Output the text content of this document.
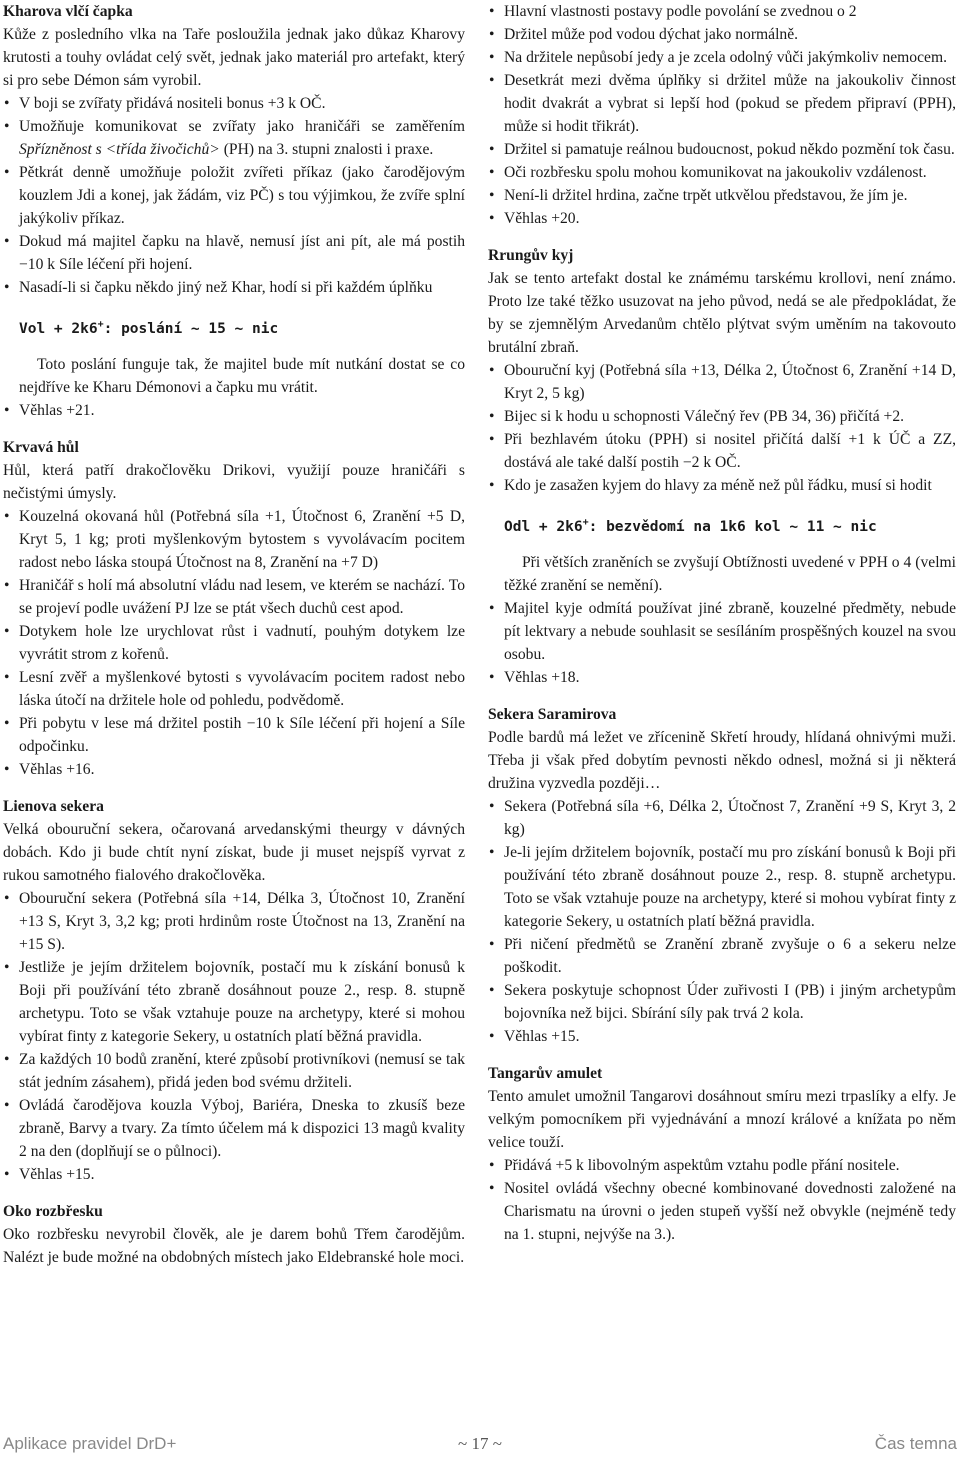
Kharova vlčí čapka

Kůže z posledního vlka na Taře posloužila jednak jako důkaz Kharovy krutosti a touhy ovládat celý svět, jednak jako materiál pro artefakt, který si pro sebe Démon sám vyrobil.

• V boji se zvířaty přidává nositeli bonus +3 k OČ.
• Umožňuje komunikovat se zvířaty jako hraničáři se zaměřením Spřízněnost s <třída živočichů> (PH) na 3. stupni znalosti i praxe.
• Pětkrát denně umožňuje položit zvířeti příkaz (jako čarodějovým kouzlem Jdi a konej, jak žádám, viz PČ) s tou výjimkou, že zvíře splní jakýkoliv příkaz.
• Dokud má majitel čapku na hlavě, nemusí jíst ani pít, ale má postih −10 k Síle léčení při hojení.
• Nasadí-li si čapku někdo jiný než Khar, hodí si při každém úplňku
Vol + 2k6+: poslání ~ 15 ~ nic

Toto poslání funguje tak, že majitel bude mít nutkání dostat se co nejdříve ke Kharu Démonovi a čapku mu vrátit.

• Věhlas +21.
Krvavá hůl

Hůl, která patří drakočlověku Drikovi, využijí pouze hraničáři s nečistými úmysly.

• Kouzelná okovaná hůl (Potřebná síla +1, Útočnost 6, Zranění +5 D, Kryt 5, 1 kg; proti myšlenkovým bytostem s vyvolávacím pocitem radost nebo láska stoupá Útočnost na 8, Zranění na +7 D)
• Hraničář s holí má absolutní vládu nad lesem, ve kterém se nachází. To se projeví podle uvážení PJ lze se ptát všech duchů cest apod.
• Dotykem hole lze urychlovat růst i vadnutí, pouhým dotykem lze vyvrátit strom z kořenů.
• Lesní zvěř a myšlenkové bytosti s vyvolávacím pocitem radost nebo láska útočí na držitele hole od pohledu, podvědomě.
• Při pobytu v lese má držitel postih −10 k Síle léčení při hojení a Síle odpočinku.
• Věhlas +16.
Lienova sekera

Velká obouruční sekera, očarovaná arvedanskými theurgy v dávných dobách. Kdo ji bude chtít nyní získat, bude ji muset nejspíš vyrvat z rukou samotného fialového drakočlověka.

• Obouruční sekera (Potřebná síla +14, Délka 3, Útočnost 10, Zranění +13 S, Kryt 3, 3,2 kg; proti hrdinům roste Útočnost na 13, Zranění na +15 S).
• Jestliže je jejím držitelem bojovník, postačí mu k získání bonusů k Boji při používání této zbraně dosáhnout pouze 2., resp. 8. stupně archetypu. Toto se však vztahuje pouze na archetypy, které si mohou vybírat finty z kategorie Sekery, u ostatních platí běžná pravidla.
• Za každých 10 bodů zranění, které způsobí protivníkovi (nemusí se tak stát jedním zásahem), přidá jeden bod svému držiteli.
• Ovládá čarodějova kouzla Výboj, Bariéra, Dneska to zkusíš beze zbraně, Barvy a tvary. Za tímto účelem má k dispozici 13 magů kvality 2 na den (doplňují se o půlnoci).
• Věhlas +15.
Oko rozbřesku

Oko rozbřesku nevyrobil člověk, ale je darem bohů Třem čarodějům. Nalézt je bude možné na obdobných místech jako Eldebranské hole moci.

• Hlavní vlastnosti postavy podle povolání se zvednou o 2
• Držitel může pod vodou dýchat jako normálně.
• Na držitele nepůsobí jedy a je zcela odolný vůči jakýmkoliv nemocem.
• Desetkrát mezi dvěma úplňky si držitel může na jakoukoliv činnost hodit dvakrát a vybrat si lepší hod (pokud se předem připraví (PPH), může si hodit třikrát).
• Držitel si pamatuje reálnou budoucnost, pokud někdo pozmění tok času.
• Oči rozbřesku spolu mohou komunikovat na jakoukoliv vzdálenost.
• Není-li držitel hrdina, začne trpět utkvělou představou, že jím je.
• Věhlas +20.
Rrungův kyj

Jak se tento artefakt dostal ke známému tarskému krollovi, není známo. Proto lze také těžko usuzovat na jeho původ, nedá se ale předpokládat, že by se zjemnělým Arvedanům chtělo plýtvat svým uměním na takovouto brutální zbraň.

• Obouruční kyj (Potřebná síla +13, Délka 2, Útočnost 6, Zranění +14 D, Kryt 2, 5 kg)
• Bijec si k hodu u schopnosti Válečný řev (PB 34, 36) přičítá +2.
• Při bezhlavém útoku (PPH) si nositel přičítá další +1 k ÚČ a ZZ, dostává ale také další postih −2 k OČ.
• Kdo je zasažen kyjem do hlavy za méně než půl řádku, musí si hodit
Odl + 2k6+: bezvědomí na 1k6 kol ~ 11 ~ nic

Při větších zraněních se zvyšují Obtížnosti uvedené v PPH o 4 (velmi těžké zranění se nemění).

• Majitel kyje odmítá používat jiné zbraně, kouzelné předměty, nebude pít lektvary a nebude souhlasit se sesíláním prospěšných kouzel na svou osobu.
• Věhlas +18.
Sekera Saramirova

Podle bardů má ležet ve zřícenině Skřetí hroudy, hlídaná ohnivými muži. Třeba ji však před dobytím pevnosti někdo odnesl, možná si ji některá družina vyzvedla později…

• Sekera (Potřebná síla +6, Délka 2, Útočnost 7, Zranění +9 S, Kryt 3, 2 kg)
• Je-li jejím držitelem bojovník, postačí mu pro získání bonusů k Boji při používání této zbraně dosáhnout pouze 2., resp. 8. stupně archetypu. Toto se však vztahuje pouze na archetypy, které si mohou vybírat finty z kategorie Sekery, u ostatních platí běžná pravidla.
• Při ničení předmětů se Zranění zbraně zvyšuje o 6 a sekeru nelze poškodit.
• Sekera poskytuje schopnost Úder zuřivosti I (PB) i jiným archetypům bojovníka než bijci. Sbírání síly pak trvá 2 kola.
• Věhlas +15.
Tangarův amulet

Tento amulet umožnil Tangarovi dosáhnout smíru mezi trpaslíky a elfy. Je velkým pomocníkem při vyjednávání a mnozí králové a knížata po něm velice touží.

• Přidává +5 k libovolným aspektům vztahu podle přání nositele.
• Nositel ovládá všechny obecné kombinované dovednosti založené na Charismatu na úrovni o jeden stupeň vyšší než obvykle (nejméně tedy na 1. stupni, nejvýše na 3.).
Aplikace pravidel DrD+	~ 17 ~	Čas temna
